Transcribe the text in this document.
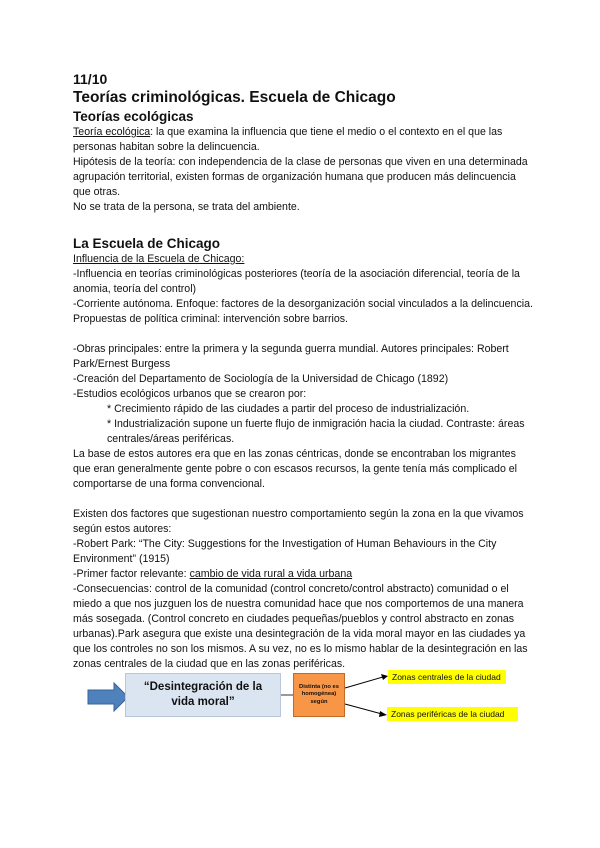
11/10

Teorías criminológicas. Escuela de Chicago

Teorías ecológicas

Teoría ecológica: la que examina la influencia que tiene el medio o el contexto en el que las personas habitan sobre la delincuencia.

Hipótesis de la teoría: con independencia de la clase de personas que viven en una determinada agrupación territorial, existen formas de organización humana que producen más delincuencia que otras.

No se trata de la persona, se trata del ambiente.

La Escuela de Chicago

Influencia de la Escuela de Chicago:

-Influencia en teorías criminológicas posteriores (teoría de la asociación diferencial, teoría de la anomia, teoría del control)

-Corriente autónoma. Enfoque: factores de la desorganización social vinculados a la delincuencia. Propuestas de política criminal: intervención sobre barrios.

-Obras principales: entre la primera y la segunda guerra mundial. Autores principales: Robert Park/Ernest Burgess

-Creación del Departamento de Sociología de la Universidad de Chicago (1892)

-Estudios ecológicos urbanos que se crearon por:

* Crecimiento rápido de las ciudades a partir del proceso de industrialización.

* Industrialización supone un fuerte flujo de inmigración hacia la ciudad. Contraste: áreas centrales/áreas periféricas.

La base de estos autores era que en las zonas céntricas, donde se encontraban los migrantes que eran generalmente gente pobre o con escasos recursos, la gente tenía más complicado el comportarse de una forma convencional.

Existen dos factores que sugestionan nuestro comportamiento según la zona en la que vivamos según estos autores:

-Robert Park: “The City: Suggestions for the Investigation of Human Behaviours in the City Environment” (1915)

-Primer factor relevante: cambio de vida rural a vida urbana

-Consecuencias: control de la comunidad (control concreto/control abstracto) comunidad o el miedo a que nos juzguen los de nuestra comunidad hace que nos comportemos de una manera más sosegada. (Control concreto en ciudades pequeñas/pueblos y control abstracto en zonas urbanas).Park asegura que existe una desintegración de la vida moral mayor en las ciudades ya que los controles no son los mismos. A su vez, no es lo mismo hablar de la desintegración en las zonas centrales de la ciudad que en las zonas periféricas.

“Desintegración de la vida moral”
Distinta (no es homogénea) según
Zonas centrales de la ciudad
Zonas periféricas de la ciudad
